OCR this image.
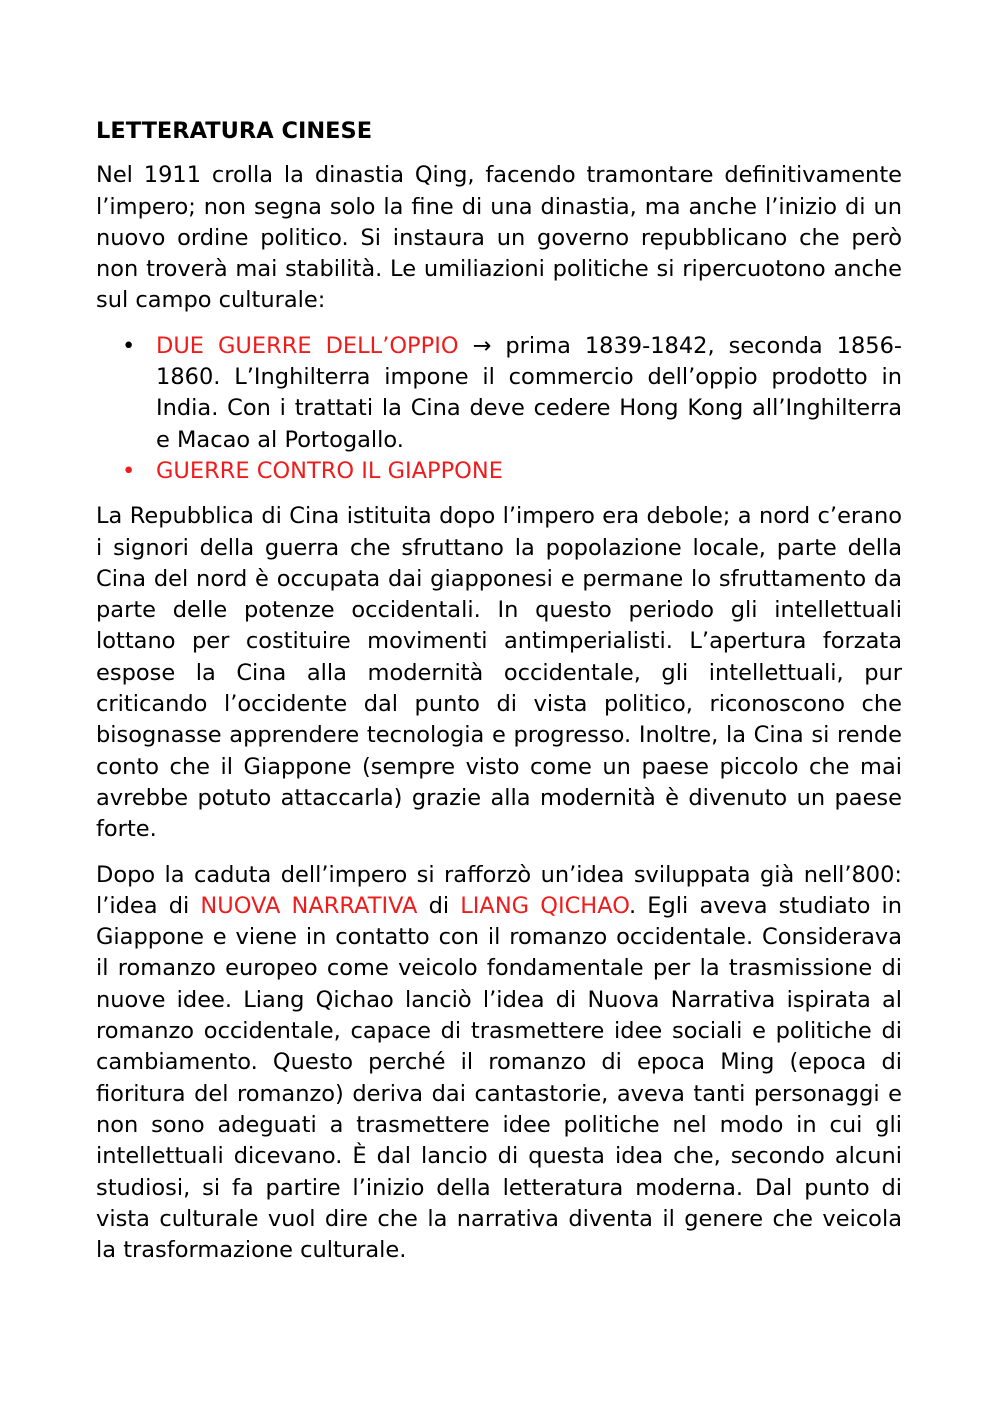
LETTERATURA CINESE

Nel 1911 crolla la dinastia Qing, facendo tramontare definitivamente l’impero; non segna solo la fine di una dinastia, ma anche l’inizio di un nuovo ordine politico. Si instaura un governo repubblicano che però non troverà mai stabilità. Le umiliazioni politiche si ripercuotono anche sul campo culturale:

• DUE GUERRE DELL’OPPIO → prima 1839-1842, seconda 1856-1860. L’Inghilterra impone il commercio dell’oppio prodotto in India. Con i trattati la Cina deve cedere Hong Kong all’Inghilterra e Macao al Portogallo.
• GUERRE CONTRO IL GIAPPONE

La Repubblica di Cina istituita dopo l’impero era debole; a nord c’erano i signori della guerra che sfruttano la popolazione locale, parte della Cina del nord è occupata dai giapponesi e permane lo sfruttamento da parte delle potenze occidentali. In questo periodo gli intellettuali lottano per costituire movimenti antimperialisti. L’apertura forzata espose la Cina alla modernità occidentale, gli intellettuali, pur criticando l’occidente dal punto di vista politico, riconoscono che bisognasse apprendere tecnologia e progresso. Inoltre, la Cina si rende conto che il Giappone (sempre visto come un paese piccolo che mai avrebbe potuto attaccarla) grazie alla modernità è divenuto un paese forte.

Dopo la caduta dell’impero si rafforzò un’idea sviluppata già nell’800: l’idea di NUOVA NARRATIVA di LIANG QICHAO. Egli aveva studiato in Giappone e viene in contatto con il romanzo occidentale. Considerava il romanzo europeo come veicolo fondamentale per la trasmissione di nuove idee. Liang Qichao lanciò l’idea di Nuova Narrativa ispirata al romanzo occidentale, capace di trasmettere idee sociali e politiche di cambiamento. Questo perché il romanzo di epoca Ming (epoca di fioritura del romanzo) deriva dai cantastorie, aveva tanti personaggi e non sono adeguati a trasmettere idee politiche nel modo in cui gli intellettuali dicevano. È dal lancio di questa idea che, secondo alcuni studiosi, si fa partire l’inizio della letteratura moderna. Dal punto di vista culturale vuol dire che la narrativa diventa il genere che veicola la trasformazione culturale.
